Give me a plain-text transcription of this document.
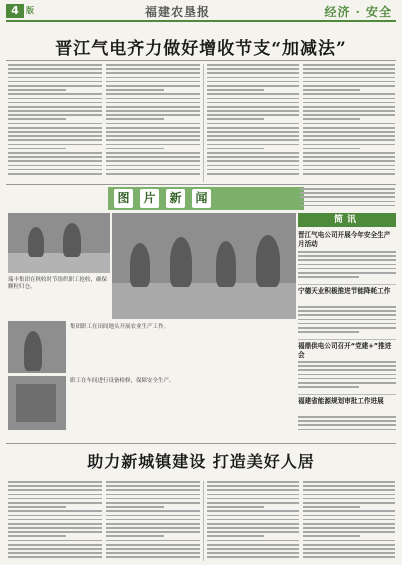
4 版	福建农垦报	经济 · 安全
晋江气电齐力做好增收节支“加减法”
图 片 新 闻
瑞丰集团在秋收时节组织职工抢收，确保颗粒归仓。
集团职工在田间地头开展农业生产工作。
职工在车间进行设备检修，保障安全生产。
简讯
晋江气电公司开展今年安全生产月活动
宁德天业积极推进节能降耗工作
福鼎供电公司召开“党建+”推进会
福建省能源规划审批工作进展
助力新城镇建设 打造美好人居
